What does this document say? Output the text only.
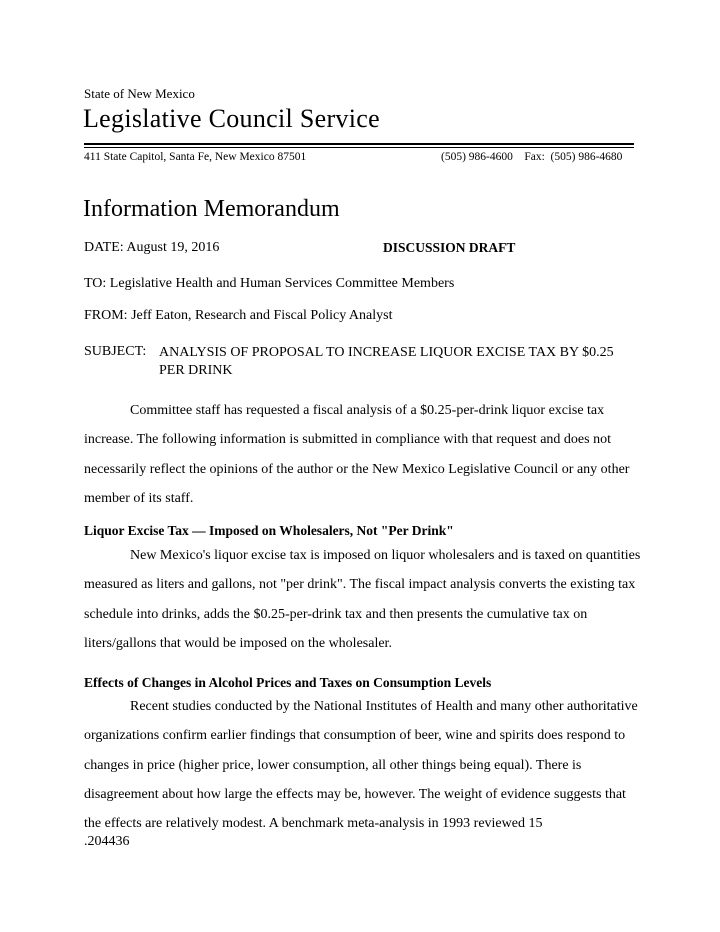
State of New Mexico
Legislative Council Service
411 State Capitol, Santa Fe, New Mexico 87501	(505) 986-4600    Fax:  (505) 986-4680
Information Memorandum
DATE: August 19, 2016	DISCUSSION DRAFT
TO: Legislative Health and Human Services Committee Members
FROM: Jeff Eaton, Research and Fiscal Policy Analyst
SUBJECT: ANALYSIS OF PROPOSAL TO INCREASE LIQUOR EXCISE TAX BY $0.25 PER DRINK
Committee staff has requested a fiscal analysis of a $0.25-per-drink liquor excise tax increase. The following information is submitted in compliance with that request and does not necessarily reflect the opinions of the author or the New Mexico Legislative Council or any other member of its staff.
Liquor Excise Tax — Imposed on Wholesalers, Not "Per Drink"
New Mexico's liquor excise tax is imposed on liquor wholesalers and is taxed on quantities measured as liters and gallons, not "per drink". The fiscal impact analysis converts the existing tax schedule into drinks, adds the $0.25-per-drink tax and then presents the cumulative tax on liters/gallons that would be imposed on the wholesaler.
Effects of Changes in Alcohol Prices and Taxes on Consumption Levels
Recent studies conducted by the National Institutes of Health and many other authoritative organizations confirm earlier findings that consumption of beer, wine and spirits does respond to changes in price (higher price, lower consumption, all other things being equal). There is disagreement about how large the effects may be, however. The weight of evidence suggests that the effects are relatively modest. A benchmark meta-analysis in 1993 reviewed 15
.204436
